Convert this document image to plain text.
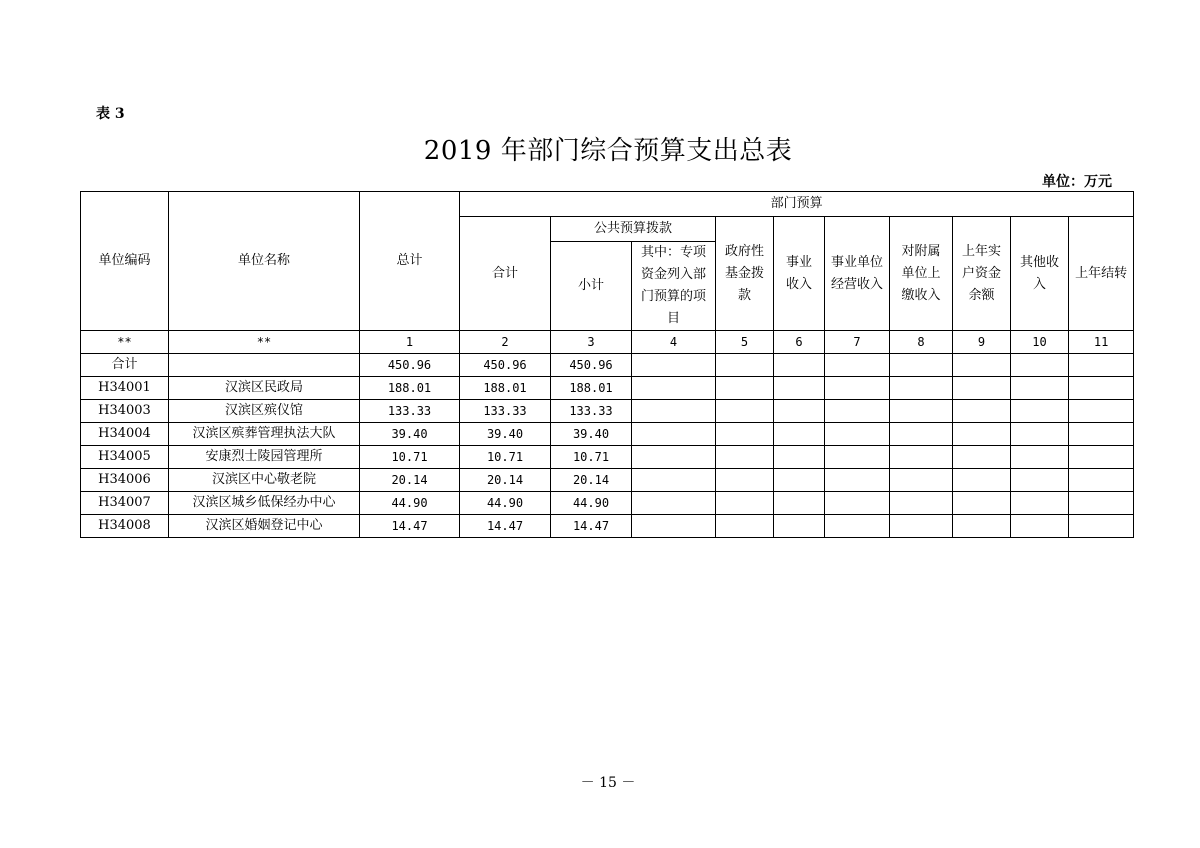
表 3
2019 年部门综合预算支出总表
单位：万元
单位编码	单位名称	总计	部门预算									
			合计	公共预算拨款		政府性基金拨款	事业收入	事业单位经营收入	对附属单位上缴收入	上年实户资金余额	其他收入	上年结转
				小计	其中：专项资金列入部门预算的项目							
**	**	1	2	3	4	5	6	7	8	9	10	11
合计		450.96	450.96	450.96								
H34001	汉滨区民政局	188.01	188.01	188.01								
H34003	汉滨区殡仪馆	133.33	133.33	133.33								
H34004	汉滨区殡葬管理执法大队	39.40	39.40	39.40								
H34005	安康烈士陵园管理所	10.71	10.71	10.71								
H34006	汉滨区中心敬老院	20.14	20.14	20.14								
H34007	汉滨区城乡低保经办中心	44.90	44.90	44.90								
H34008	汉滨区婚姻登记中心	14.47	14.47	14.47								
－ 15 －
